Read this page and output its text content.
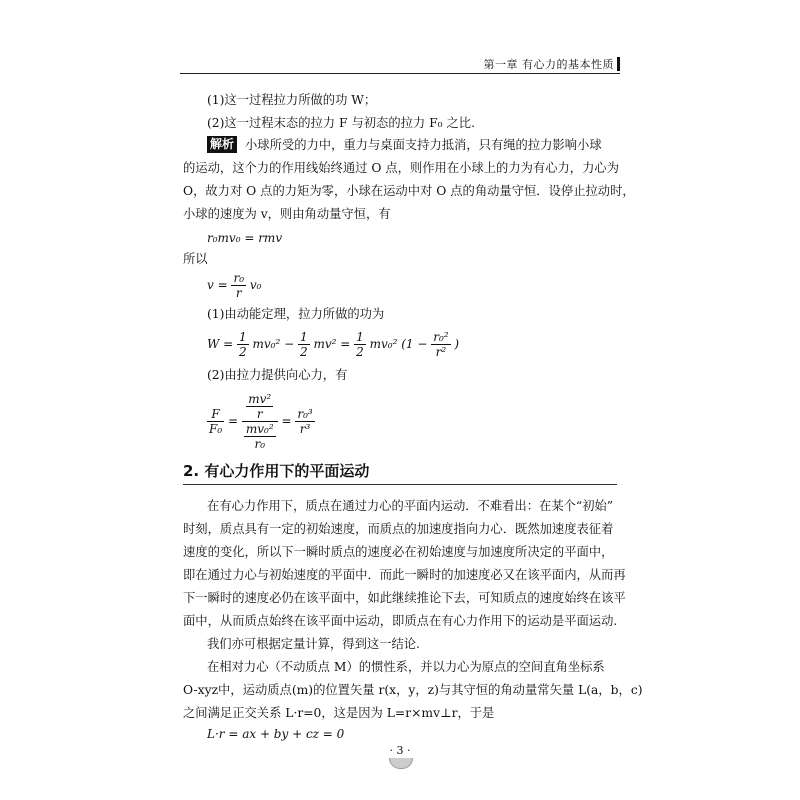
第一章 有心力的基本性质
(1)这一过程拉力所做的功 W；
(2)这一过程末态的拉力 F 与初态的拉力 F₀ 之比.
解析 小球所受的力中，重力与桌面支持力抵消，只有绳的拉力影响小球
的运动，这个力的作用线始终通过 O 点，则作用在小球上的力为有心力，力心为
O，故力对 O 点的力矩为零，小球在运动中对 O 点的角动量守恒．设停止拉动时，
小球的速度为 v，则由角动量守恒，有
r₀mv₀ = rmv
所以
$v = \frac{\text{r₀}}{r} v_0$
(1)由动能定理，拉力所做的功为
$W = \frac{1}{2} mv_0^2 - \frac{1}{2} mv^2 = \frac{1}{2} mv_0^2$ ($1 - \frac{\text{r₀²}}{\text{r²}}$ )
(2)由拉力提供向心力，有
$\frac{F}{\text{F₀}} = \frac{\frac{\text{mv²}}{r}}{\frac{\text{mv₀²}}{\text{r₀}}} = \frac{\text{r₀³}}{\text{r³}}$
2. 有心力作用下的平面运动
在有心力作用下，质点在通过力心的平面内运动．不难看出：在某个“初始”
时刻，质点具有一定的初始速度，而质点的加速度指向力心．既然加速度表征着
速度的变化，所以下一瞬时质点的速度必在初始速度与加速度所决定的平面中，
即在通过力心与初始速度的平面中．而此一瞬时的加速度必又在该平面内，从而再
下一瞬时的速度必仍在该平面中，如此继续推论下去，可知质点的速度始终在该平
面中，从而质点始终在该平面中运动，即质点在有心力作用下的运动是平面运动.
我们亦可根据定量计算，得到这一结论.
在相对力心（不动质点 M）的惯性系，并以力心为原点的空间直角坐标系
O-xyz中，运动质点(m)的位置矢量 r(x，y，z)与其守恒的角动量常矢量 L(a，b，c)
之间满足正交关系 L·r=0，这是因为 L=r×mv⊥r，于是
L·r = ax + by + cz = 0
· 3 ·
